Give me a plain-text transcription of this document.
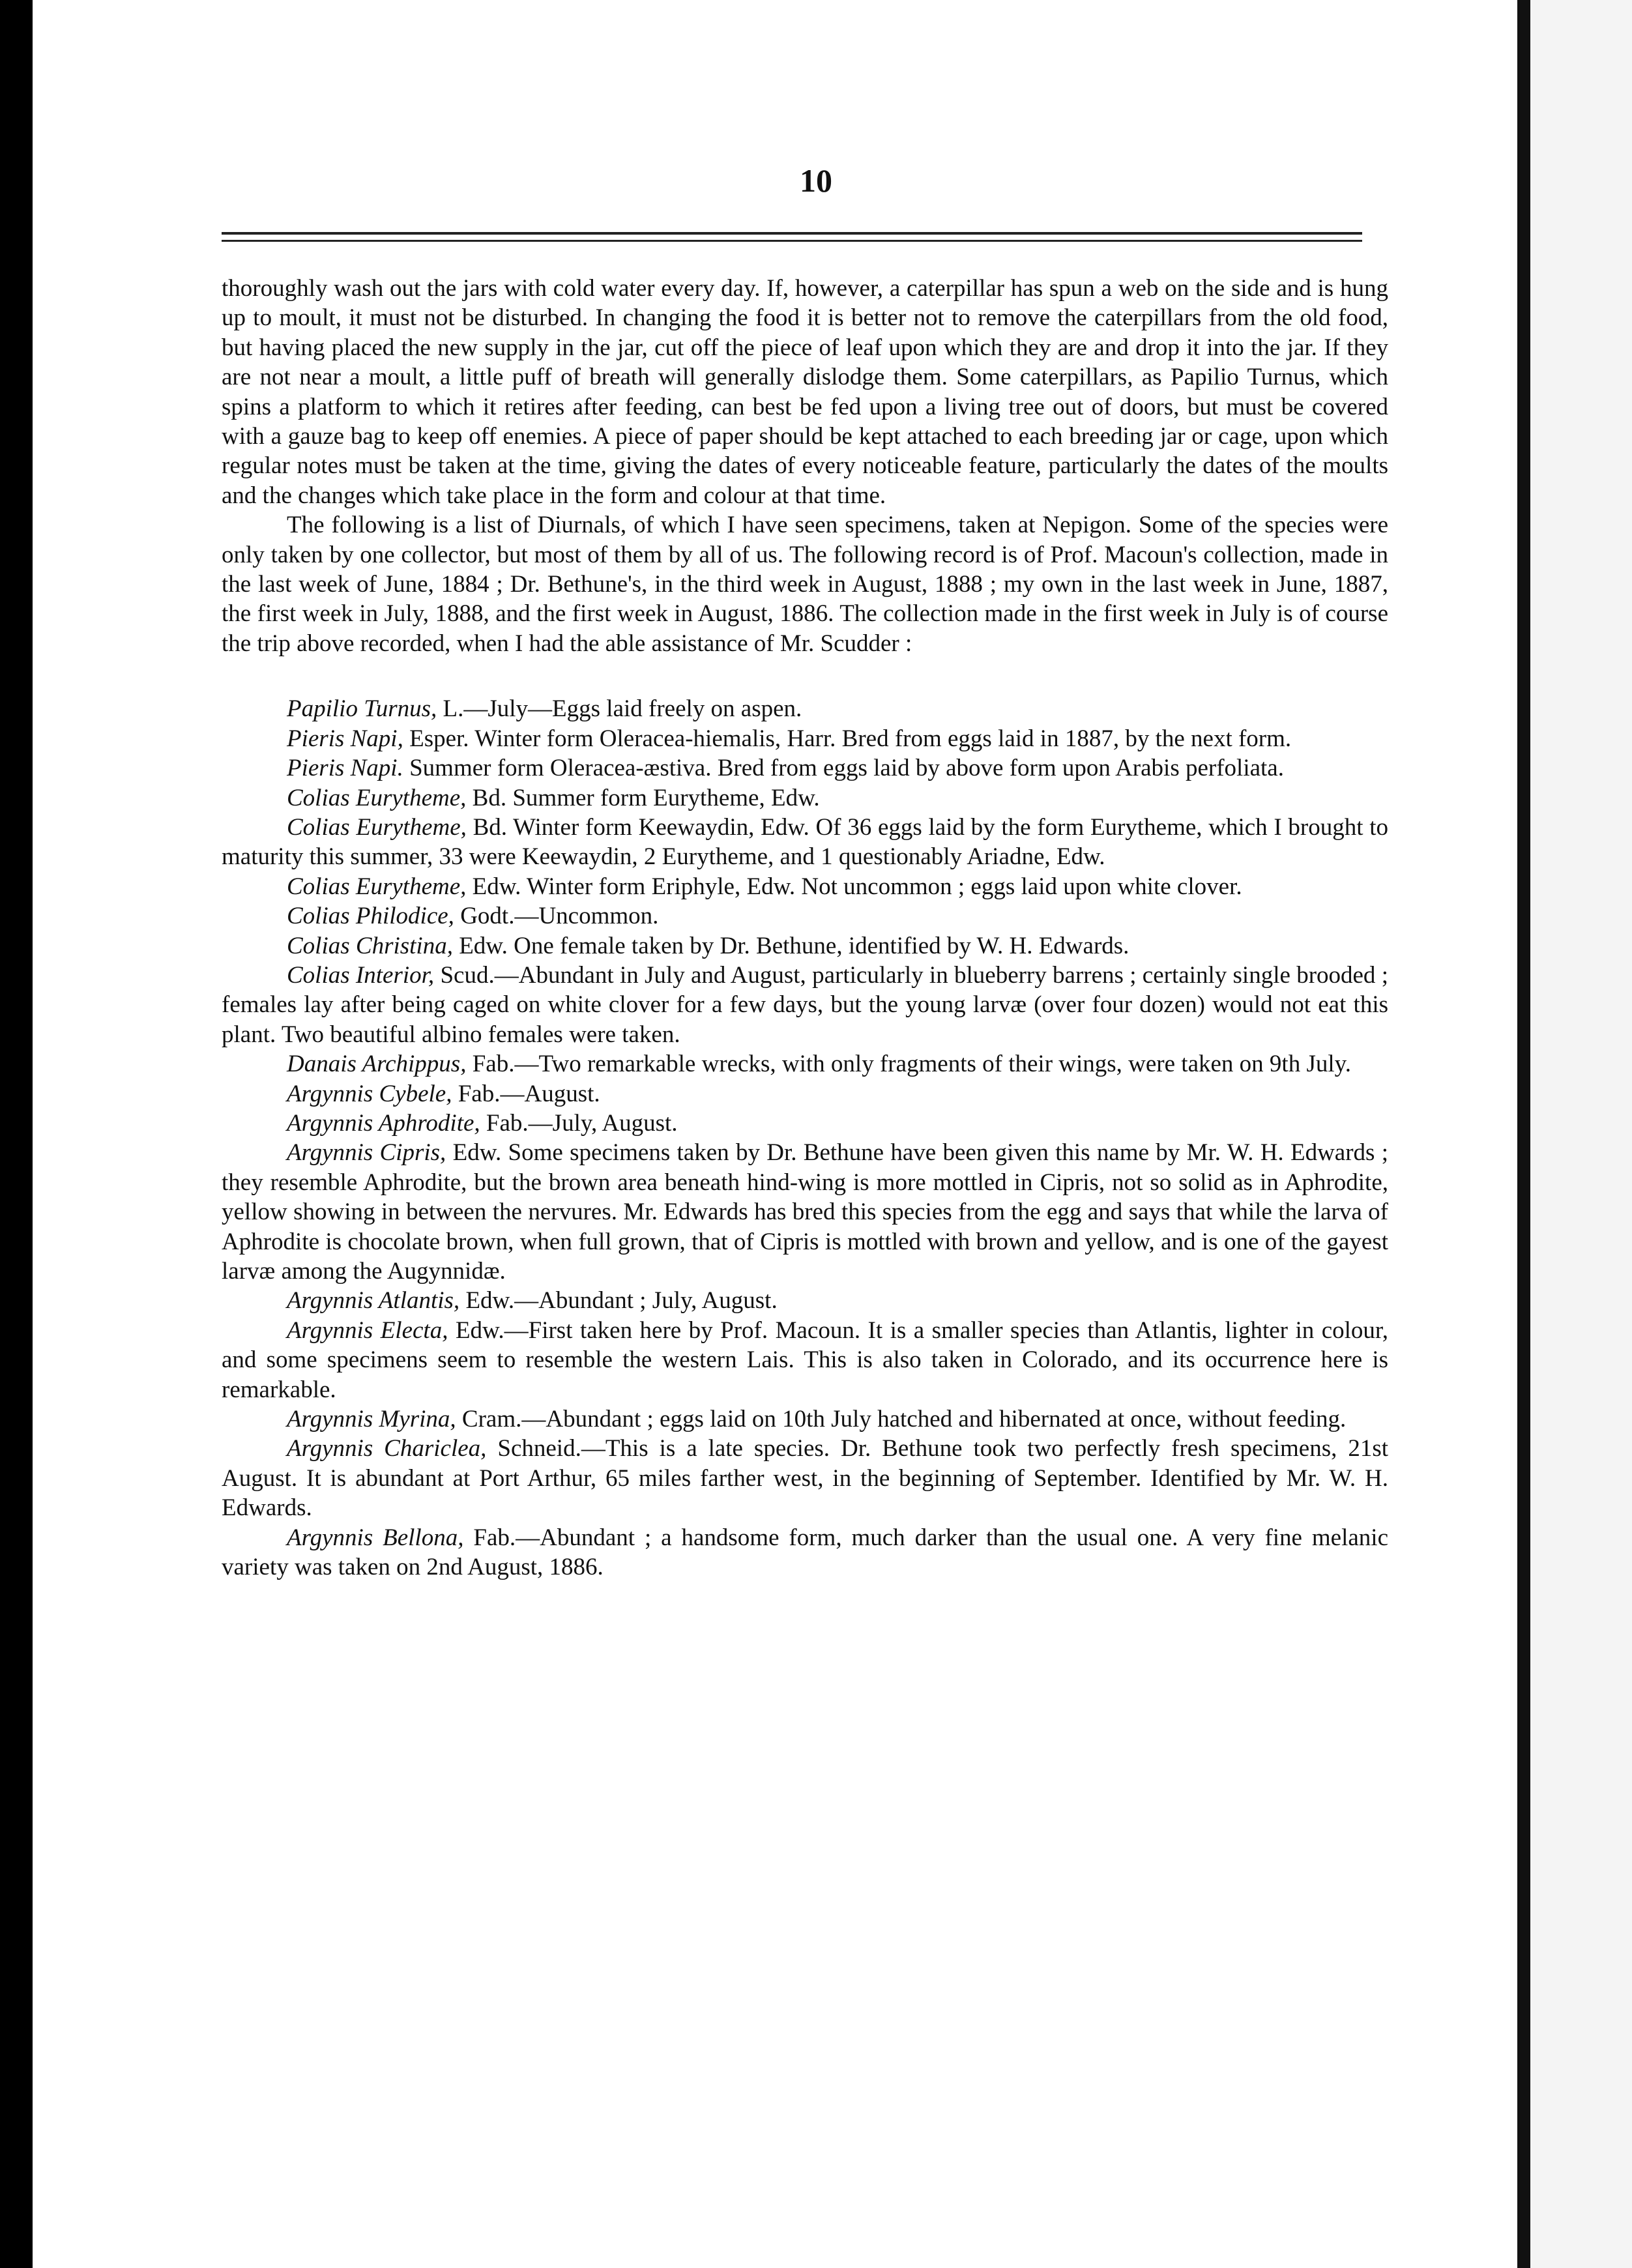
10

thoroughly wash out the jars with cold water every day. If, however, a caterpillar has spun a web on the side and is hung up to moult, it must not be disturbed. In changing the food it is better not to remove the caterpillars from the old food, but having placed the new supply in the jar, cut off the piece of leaf upon which they are and drop it into the jar. If they are not near a moult, a little puff of breath will generally dislodge them. Some caterpillars, as Papilio Turnus, which spins a platform to which it retires after feeding, can best be fed upon a living tree out of doors, but must be covered with a gauze bag to keep off enemies. A piece of paper should be kept attached to each breeding jar or cage, upon which regular notes must be taken at the time, giving the dates of every noticeable feature, particularly the dates of the moults and the changes which take place in the form and colour at that time.

The following is a list of Diurnals, of which I have seen specimens, taken at Nepigon. Some of the species were only taken by one collector, but most of them by all of us. The following record is of Prof. Macoun's collection, made in the last week of June, 1884 ; Dr. Bethune's, in the third week in August, 1888 ; my own in the last week in June, 1887, the first week in July, 1888, and the first week in August, 1886. The collection made in the first week in July is of course the trip above recorded, when I had the able assistance of Mr. Scudder :

Papilio Turnus, L.—July—Eggs laid freely on aspen.

Pieris Napi, Esper. Winter form Oleracea-hiemalis, Harr. Bred from eggs laid in 1887, by the next form.

Pieris Napi. Summer form Oleracea-æstiva. Bred from eggs laid by above form upon Arabis perfoliata.

Colias Eurytheme, Bd. Summer form Eurytheme, Edw.

Colias Eurytheme, Bd. Winter form Keewaydin, Edw. Of 36 eggs laid by the form Eurytheme, which I brought to maturity this summer, 33 were Keewaydin, 2 Eurytheme, and 1 questionably Ariadne, Edw.

Colias Eurytheme, Edw. Winter form Eriphyle, Edw. Not uncommon ; eggs laid upon white clover.

Colias Philodice, Godt.—Uncommon.

Colias Christina, Edw. One female taken by Dr. Bethune, identified by W. H. Edwards.

Colias Interior, Scud.—Abundant in July and August, particularly in blueberry barrens ; certainly single brooded ; females lay after being caged on white clover for a few days, but the young larvæ (over four dozen) would not eat this plant. Two beautiful albino females were taken.

Danais Archippus, Fab.—Two remarkable wrecks, with only fragments of their wings, were taken on 9th July.

Argynnis Cybele, Fab.—August.

Argynnis Aphrodite, Fab.—July, August.

Argynnis Cipris, Edw. Some specimens taken by Dr. Bethune have been given this name by Mr. W. H. Edwards ; they resemble Aphrodite, but the brown area beneath hind-wing is more mottled in Cipris, not so solid as in Aphrodite, yellow showing in between the nervures. Mr. Edwards has bred this species from the egg and says that while the larva of Aphrodite is chocolate brown, when full grown, that of Cipris is mottled with brown and yellow, and is one of the gayest larvæ among the Augynnidæ.

Argynnis Atlantis, Edw.—Abundant ; July, August.

Argynnis Electa, Edw.—First taken here by Prof. Macoun. It is a smaller species than Atlantis, lighter in colour, and some specimens seem to resemble the western Lais. This is also taken in Colorado, and its occurrence here is remarkable.

Argynnis Myrina, Cram.—Abundant ; eggs laid on 10th July hatched and hibernated at once, without feeding.

Argynnis Chariclea, Schneid.—This is a late species. Dr. Bethune took two perfectly fresh specimens, 21st August. It is abundant at Port Arthur, 65 miles farther west, in the beginning of September. Identified by Mr. W. H. Edwards.

Argynnis Bellona, Fab.—Abundant ; a handsome form, much darker than the usual one. A very fine melanic variety was taken on 2nd August, 1886.
